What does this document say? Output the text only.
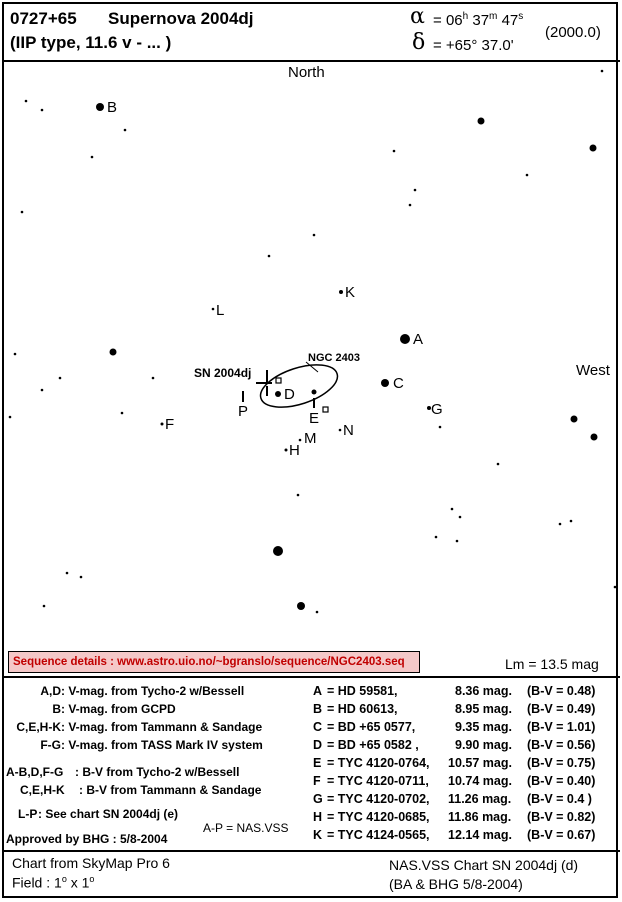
0727+65 Supernova 2004dj
(IIP type, 11.6 v - ... )
$\alpha = 06^h$ 37$^m$ 47$^s$
δ = +65° 37.0'
(2000.0)
North
West
SN 2004dj
NGC 2403
B
A
C
D
E
F
G
H
K
L
M N
P
Sequence details : www.astro.uio.no/~bgranslo/sequence/NGC2403.seq	Lm = 13.5 mag
A,D : V-mag. from Tycho-2 w/Bessell
B : V-mag. from GCPD
C,E,H-K : V-mag. from Tammann & Sandage
F-G : V-mag. from TASS Mark IV system
A-B,D,F-G : B-V from Tycho-2 w/Bessell
C,E,H-K : B-V from Tammann & Sandage
L-P : See chart SN 2004dj (e)
Approved by BHG : 5/8-2004
A-P = NAS.VSS
A = HD 59581,	8.36 mag. (B-V = 0.48)
B = HD 60613,	8.95 mag. (B-V = 0.49)
C = BD +65 0577,	9.35 mag. (B-V = 1.01)
D = BD +65 0582 ,	9.90 mag. (B-V = 0.56)
E = TYC 4120-0764, 10.57 mag. (B-V = 0.75)
F = TYC 4120-0711, 10.74 mag. (B-V = 0.40)
G = TYC 4120-0702, 11.26 mag. (B-V = 0.4 )
H = TYC 4120-0685, 11.86 mag. (B-V = 0.82)
K = TYC 4124-0565, 12.14 mag. (B-V = 0.67)
Chart from SkyMap Pro 6
Field : 1$^o$ x 1$^o$
NAS.VSS Chart SN 2004dj (d)
(BA & BHG 5/8-2004)
